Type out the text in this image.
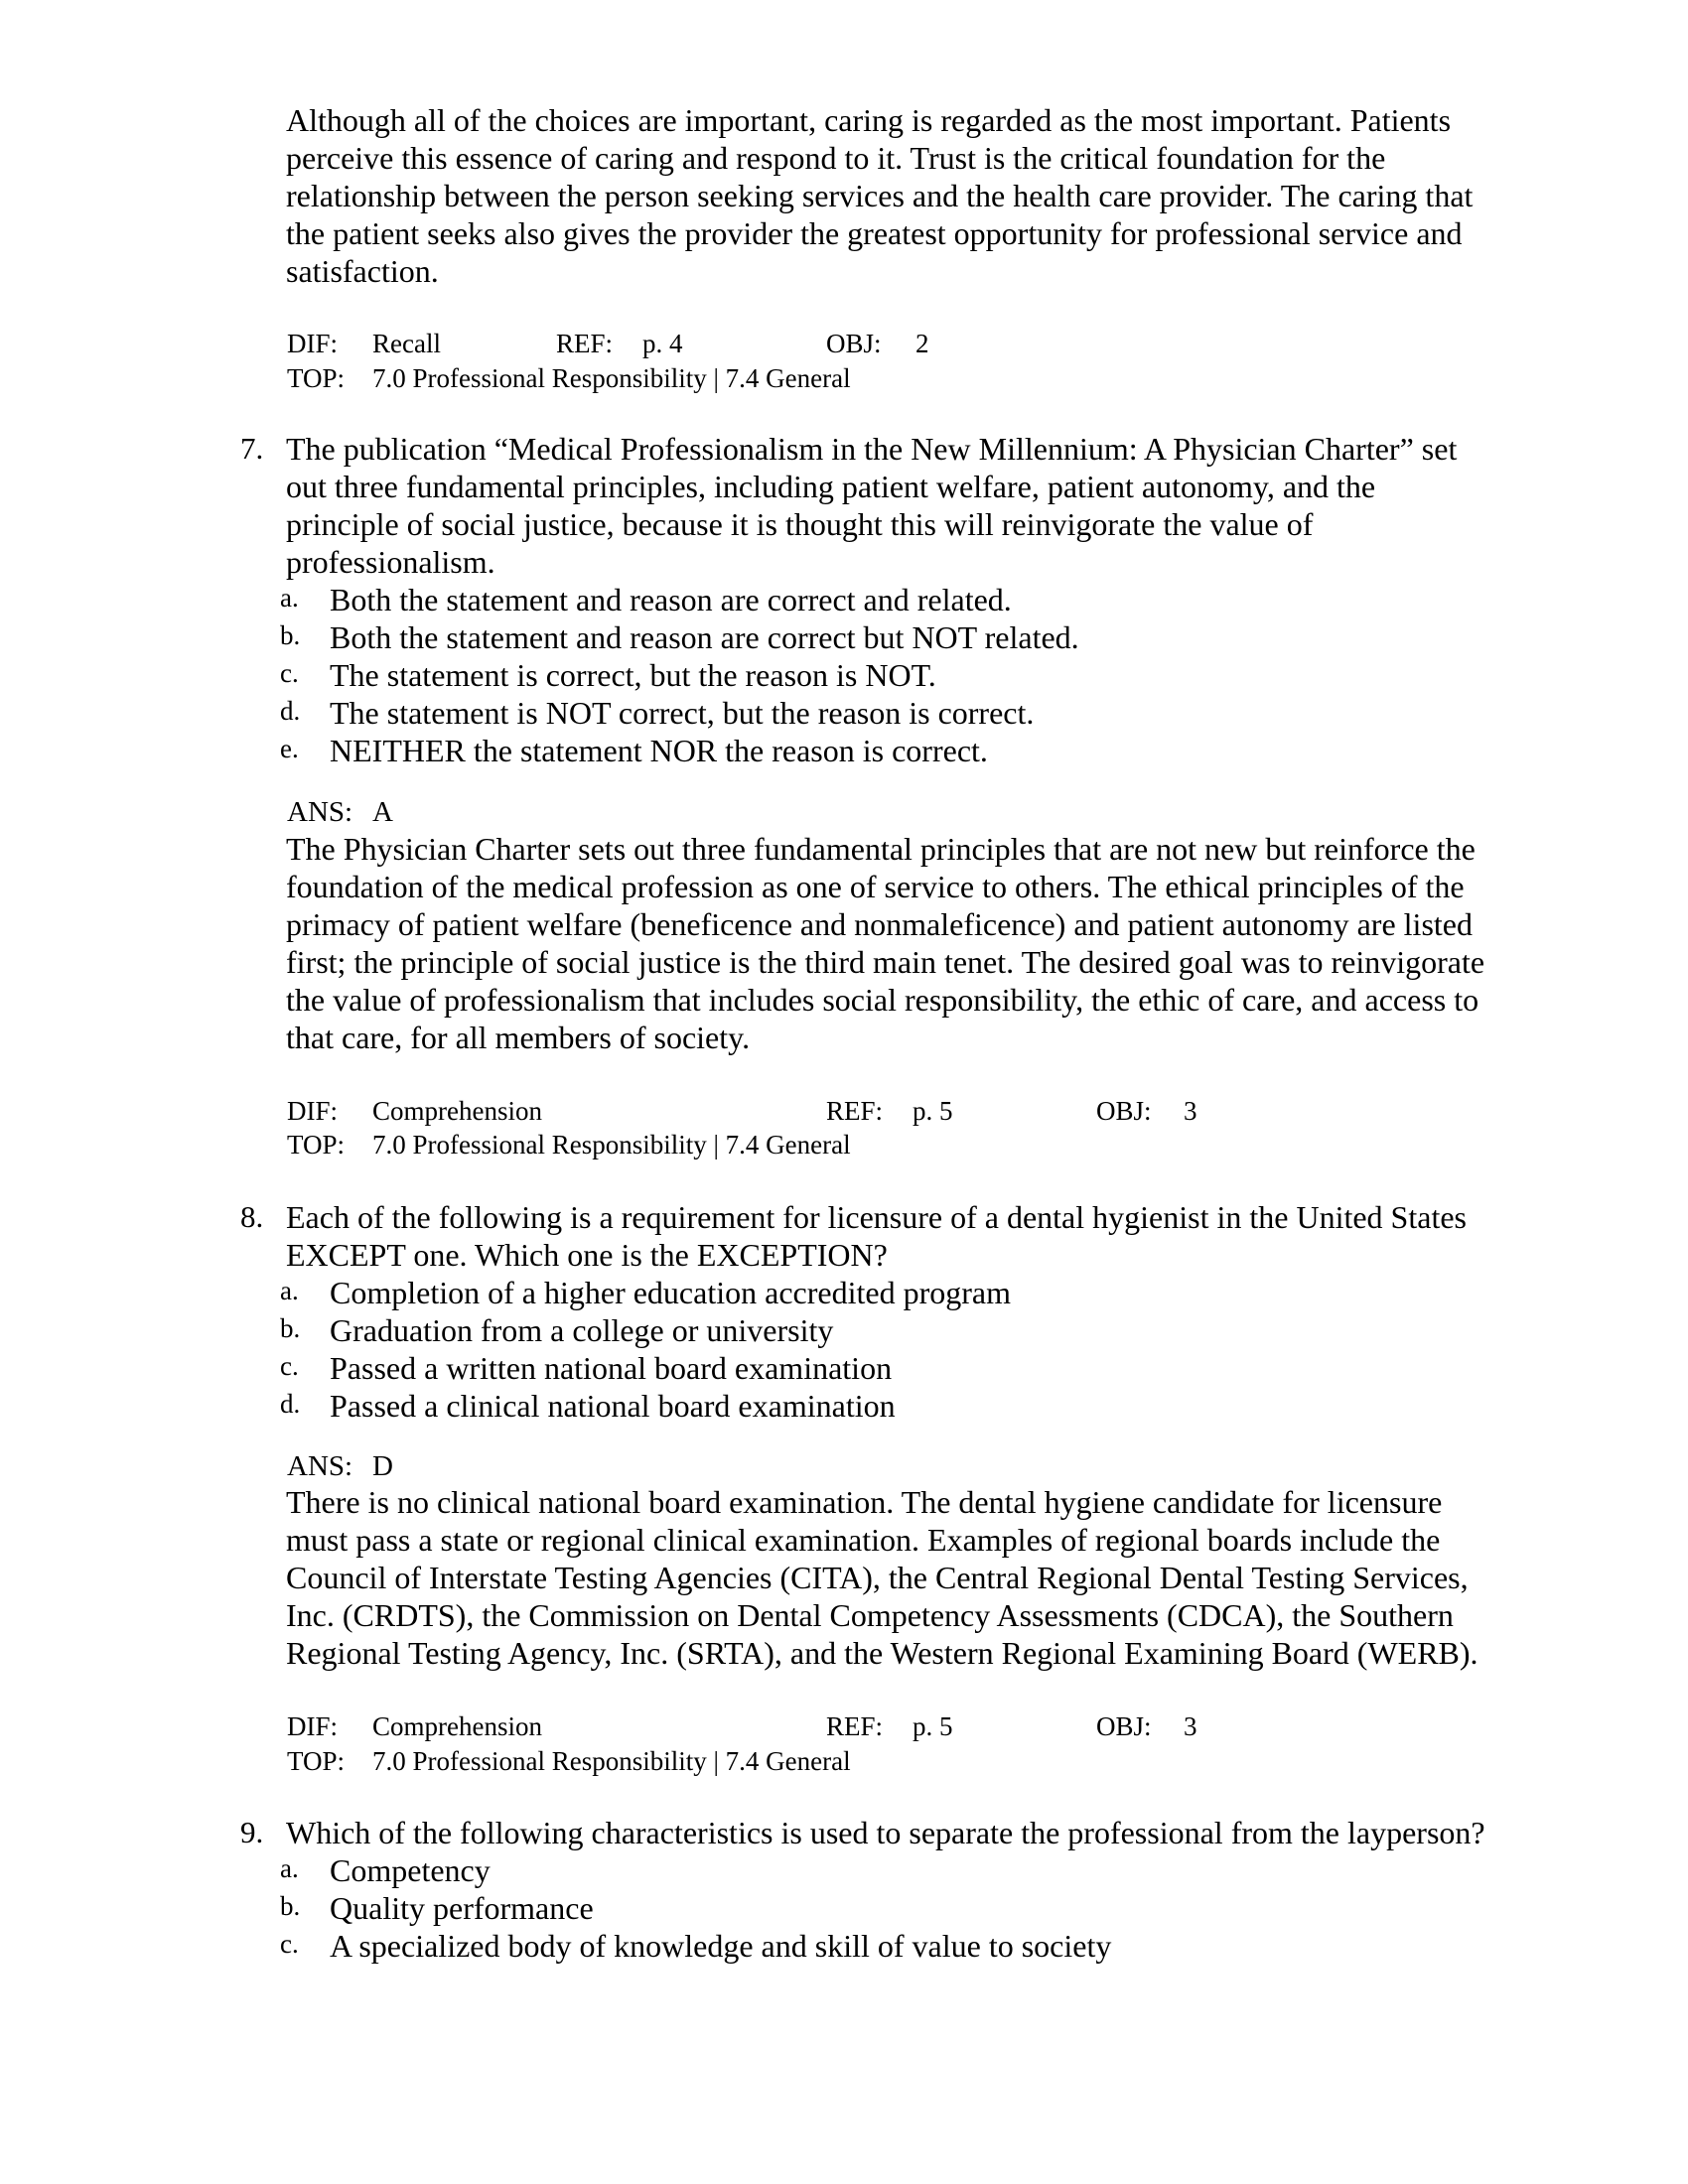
Although all of the choices are important, caring is regarded as the most important. Patients
perceive this essence of caring and respond to it. Trust is the critical foundation for the
relationship between the person seeking services and the health care provider. The caring that
the patient seeks also gives the provider the greatest opportunity for professional service and
satisfaction.
DIF: Recall	REF: p. 4	OBJ: 2
TOP: 7.0 Professional Responsibility | 7.4 General
7. The publication “Medical Professionalism in the New Millennium: A Physician Charter” set
out three fundamental principles, including patient welfare, patient autonomy, and the
principle of social justice, because it is thought this will reinvigorate the value of
professionalism.
a. Both the statement and reason are correct and related.
b. Both the statement and reason are correct but NOT related.
c. The statement is correct, but the reason is NOT.
d. The statement is NOT correct, but the reason is correct.
e. NEITHER the statement NOR the reason is correct.
ANS: A
The Physician Charter sets out three fundamental principles that are not new but reinforce the
foundation of the medical profession as one of service to others. The ethical principles of the
primacy of patient welfare (beneficence and nonmaleficence) and patient autonomy are listed
first; the principle of social justice is the third main tenet. The desired goal was to reinvigorate
the value of professionalism that includes social responsibility, the ethic of care, and access to
that care, for all members of society.
DIF: Comprehension	REF: p. 5	OBJ: 3
TOP: 7.0 Professional Responsibility | 7.4 General
8. Each of the following is a requirement for licensure of a dental hygienist in the United States
EXCEPT one. Which one is the EXCEPTION?
a. Completion of a higher education accredited program
b. Graduation from a college or university
c. Passed a written national board examination
d. Passed a clinical national board examination
ANS: D
There is no clinical national board examination. The dental hygiene candidate for licensure
must pass a state or regional clinical examination. Examples of regional boards include the
Council of Interstate Testing Agencies (CITA), the Central Regional Dental Testing Services,
Inc. (CRDTS), the Commission on Dental Competency Assessments (CDCA), the Southern
Regional Testing Agency, Inc. (SRTA), and the Western Regional Examining Board (WERB).
DIF: Comprehension	REF: p. 5	OBJ: 3
TOP: 7.0 Professional Responsibility | 7.4 General
9. Which of the following characteristics is used to separate the professional from the layperson?
a. Competency
b. Quality performance
c. A specialized body of knowledge and skill of value to society
